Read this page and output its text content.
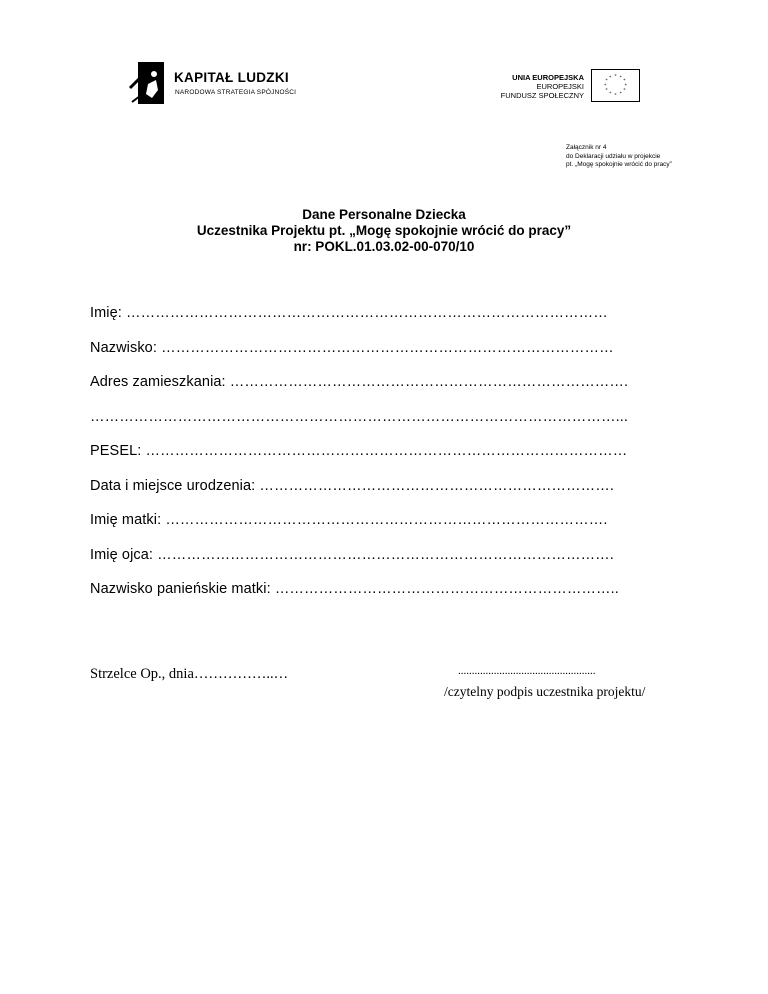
KAPITAŁ LUDZKI
NARODOWA STRATEGIA SPÓJNOŚCI
UNIA EUROPEJSKA
EUROPEJSKI
FUNDUSZ SPOŁECZNY
* *
*
*
*
*
*
*
*
*
*
*
Załącznik nr 4
do Deklaracji udziału w projekcie
pt. „Mogę spokojnie wrócić do pracy”
Dane Personalne Dziecka
Uczestnika Projektu pt. „Mogę spokojnie wrócić do pracy”
nr: POKL.01.03.02-00-070/10
Imię: ………………………………………………………………………………………
Nazwisko: …………………………………………………………………………………
Adres zamieszkania: ……………………………………………………………………….
………………………………………………………………………………………………...
PESEL: ………………………………………………………………………………………
Data i miejsce urodzenia: ……………………………………………………………….
Imię matki: ……………………………………………………………………………….
Imię ojca: ………………………………………………………………………………….
Nazwisko panieńskie matki: ……………………………………………………………..
Strzelce Op., dnia……………..…	..................................................
/czytelny podpis uczestnika projektu/
